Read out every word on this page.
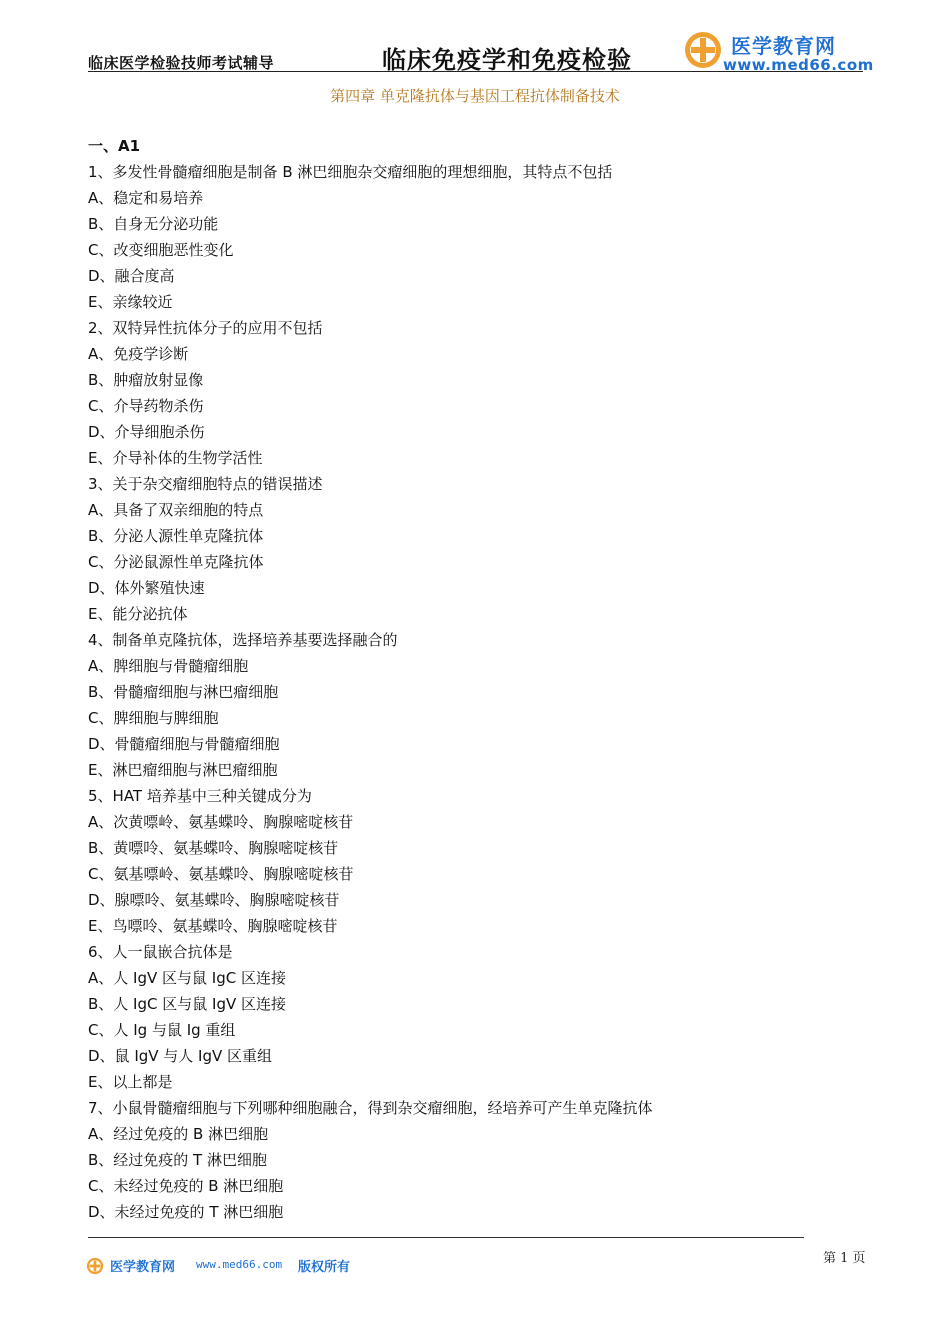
临床医学检验技师考试辅导	临床免疫学和免疫检验	医学教育网
www.med66.com
第四章 单克隆抗体与基因工程抗体制备技术
一、A1
1、多发性骨髓瘤细胞是制备 B 淋巴细胞杂交瘤细胞的理想细胞，其特点不包括
A、稳定和易培养
B、自身无分泌功能
C、改变细胞恶性变化
D、融合度高
E、亲缘较近
2、双特异性抗体分子的应用不包括
A、免疫学诊断
B、肿瘤放射显像
C、介导药物杀伤
D、介导细胞杀伤
E、介导补体的生物学活性
3、关于杂交瘤细胞特点的错误描述
A、具备了双亲细胞的特点
B、分泌人源性单克隆抗体
C、分泌鼠源性单克隆抗体
D、体外繁殖快速
E、能分泌抗体
4、制备单克隆抗体，选择培养基要选择融合的
A、脾细胞与骨髓瘤细胞
B、骨髓瘤细胞与淋巴瘤细胞
C、脾细胞与脾细胞
D、骨髓瘤细胞与骨髓瘤细胞
E、淋巴瘤细胞与淋巴瘤细胞
5、HAT 培养基中三种关键成分为
A、次黄嘌岭、氨基蝶呤、胸腺嘧啶核苷
B、黄嘌呤、氨基蝶呤、胸腺嘧啶核苷
C、氨基嘌岭、氨基蝶呤、胸腺嘧啶核苷
D、腺嘌呤、氨基蝶呤、胸腺嘧啶核苷
E、鸟嘌呤、氨基蝶呤、胸腺嘧啶核苷
6、人一鼠嵌合抗体是
A、人 IgV 区与鼠 IgC 区连接
B、人 IgC 区与鼠 IgV 区连接
C、人 Ig 与鼠 Ig 重组
D、鼠 IgV 与人 IgV 区重组
E、以上都是
7、小鼠骨髓瘤细胞与下列哪种细胞融合，得到杂交瘤细胞，经培养可产生单克隆抗体
A、经过免疫的 B 淋巴细胞
B、经过免疫的 T 淋巴细胞
C、未经过免疫的 B 淋巴细胞
D、未经过免疫的 T 淋巴细胞
第 1 页
医学教育网 www.med66.com 版权所有
